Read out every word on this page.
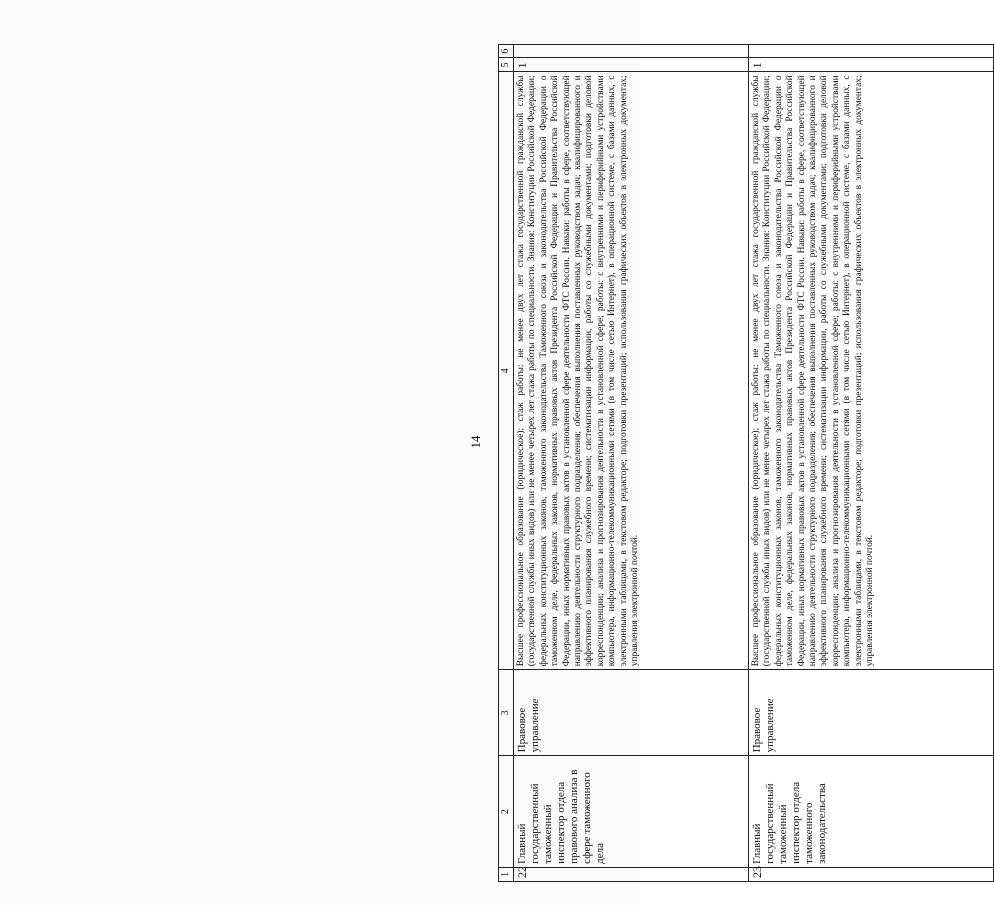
14
1	2	3	4	5	6
22	Главный государственный таможенный инспектор отдела правового анализа в сфере таможенного дела	Правовое управление	Высшее профессиональное образование (юридическое); стаж работы: не менее двух лет стажа государственной гражданской службы (государственной службы иных видов) или не менее четырех лет стажа работы по специальности. Знания: Конституции Российской Федерации; федеральных конституционных законов, таможенного законодательства Таможенного союза и законодательства Российской Федерации о таможенном деле, федеральных законов, нормативных правовых актов Президента Российской Федерации и Правительства Российской Федерации, иных нормативных правовых актов в установленной сфере деятельности ФТС России. Навыки: работы в сфере, соответствующей направлению деятельности структурного подразделения; обеспечения выполнения поставленных руководством задач; квалифицированного и эффективного планирования служебного времени; систематизации информации, работы со служебными документами; подготовки деловой корреспонденции; анализа и прогнозирования деятельности в установленной сфере; работы: с внутренними и периферийными устройствами компьютера, информационно-телекоммуникационными сетями (в том числе сетью Интернет), в операционной системе, с базами данных, с электронными таблицами, в текстовом редакторе; подготовки презентаций; использования графических объектов в электронных документах; управления электронной почтой.	1	
23	Главный государственный таможенный инспектор отдела таможенного законодательства	Правовое управление	Высшее профессиональное образование (юридическое); стаж работы: не менее двух лет стажа государственной гражданской службы (государственной службы иных видов) или не менее четырех лет стажа работы по специальности. Знания: Конституции Российской Федерации; федеральных конституционных законов, таможенного законодательства Таможенного союза и законодательства Российской Федерации о таможенном деле, федеральных законов, нормативных правовых актов Президента Российской Федерации и Правительства Российской Федерации, иных нормативных правовых актов в установленной сфере деятельности ФТС России. Навыки: работы в сфере, соответствующей направлению деятельности структурного подразделения; обеспечения выполнения поставленных руководством задач; квалифицированного и эффективного планирования служебного времени; систематизации информации, работы со служебными документами; подготовки деловой корреспонденции; анализа и прогнозирования деятельности в установленной сфере; работы: с внутренними и периферийными устройствами компьютера, информационно-телекоммуникационными сетями (в том числе сетью Интернет), в операционной системе, с базами данных, с электронными таблицами, в текстовом редакторе; подготовки презентаций; использования графических объектов в электронных документах; управления электронной почтой.	1	
